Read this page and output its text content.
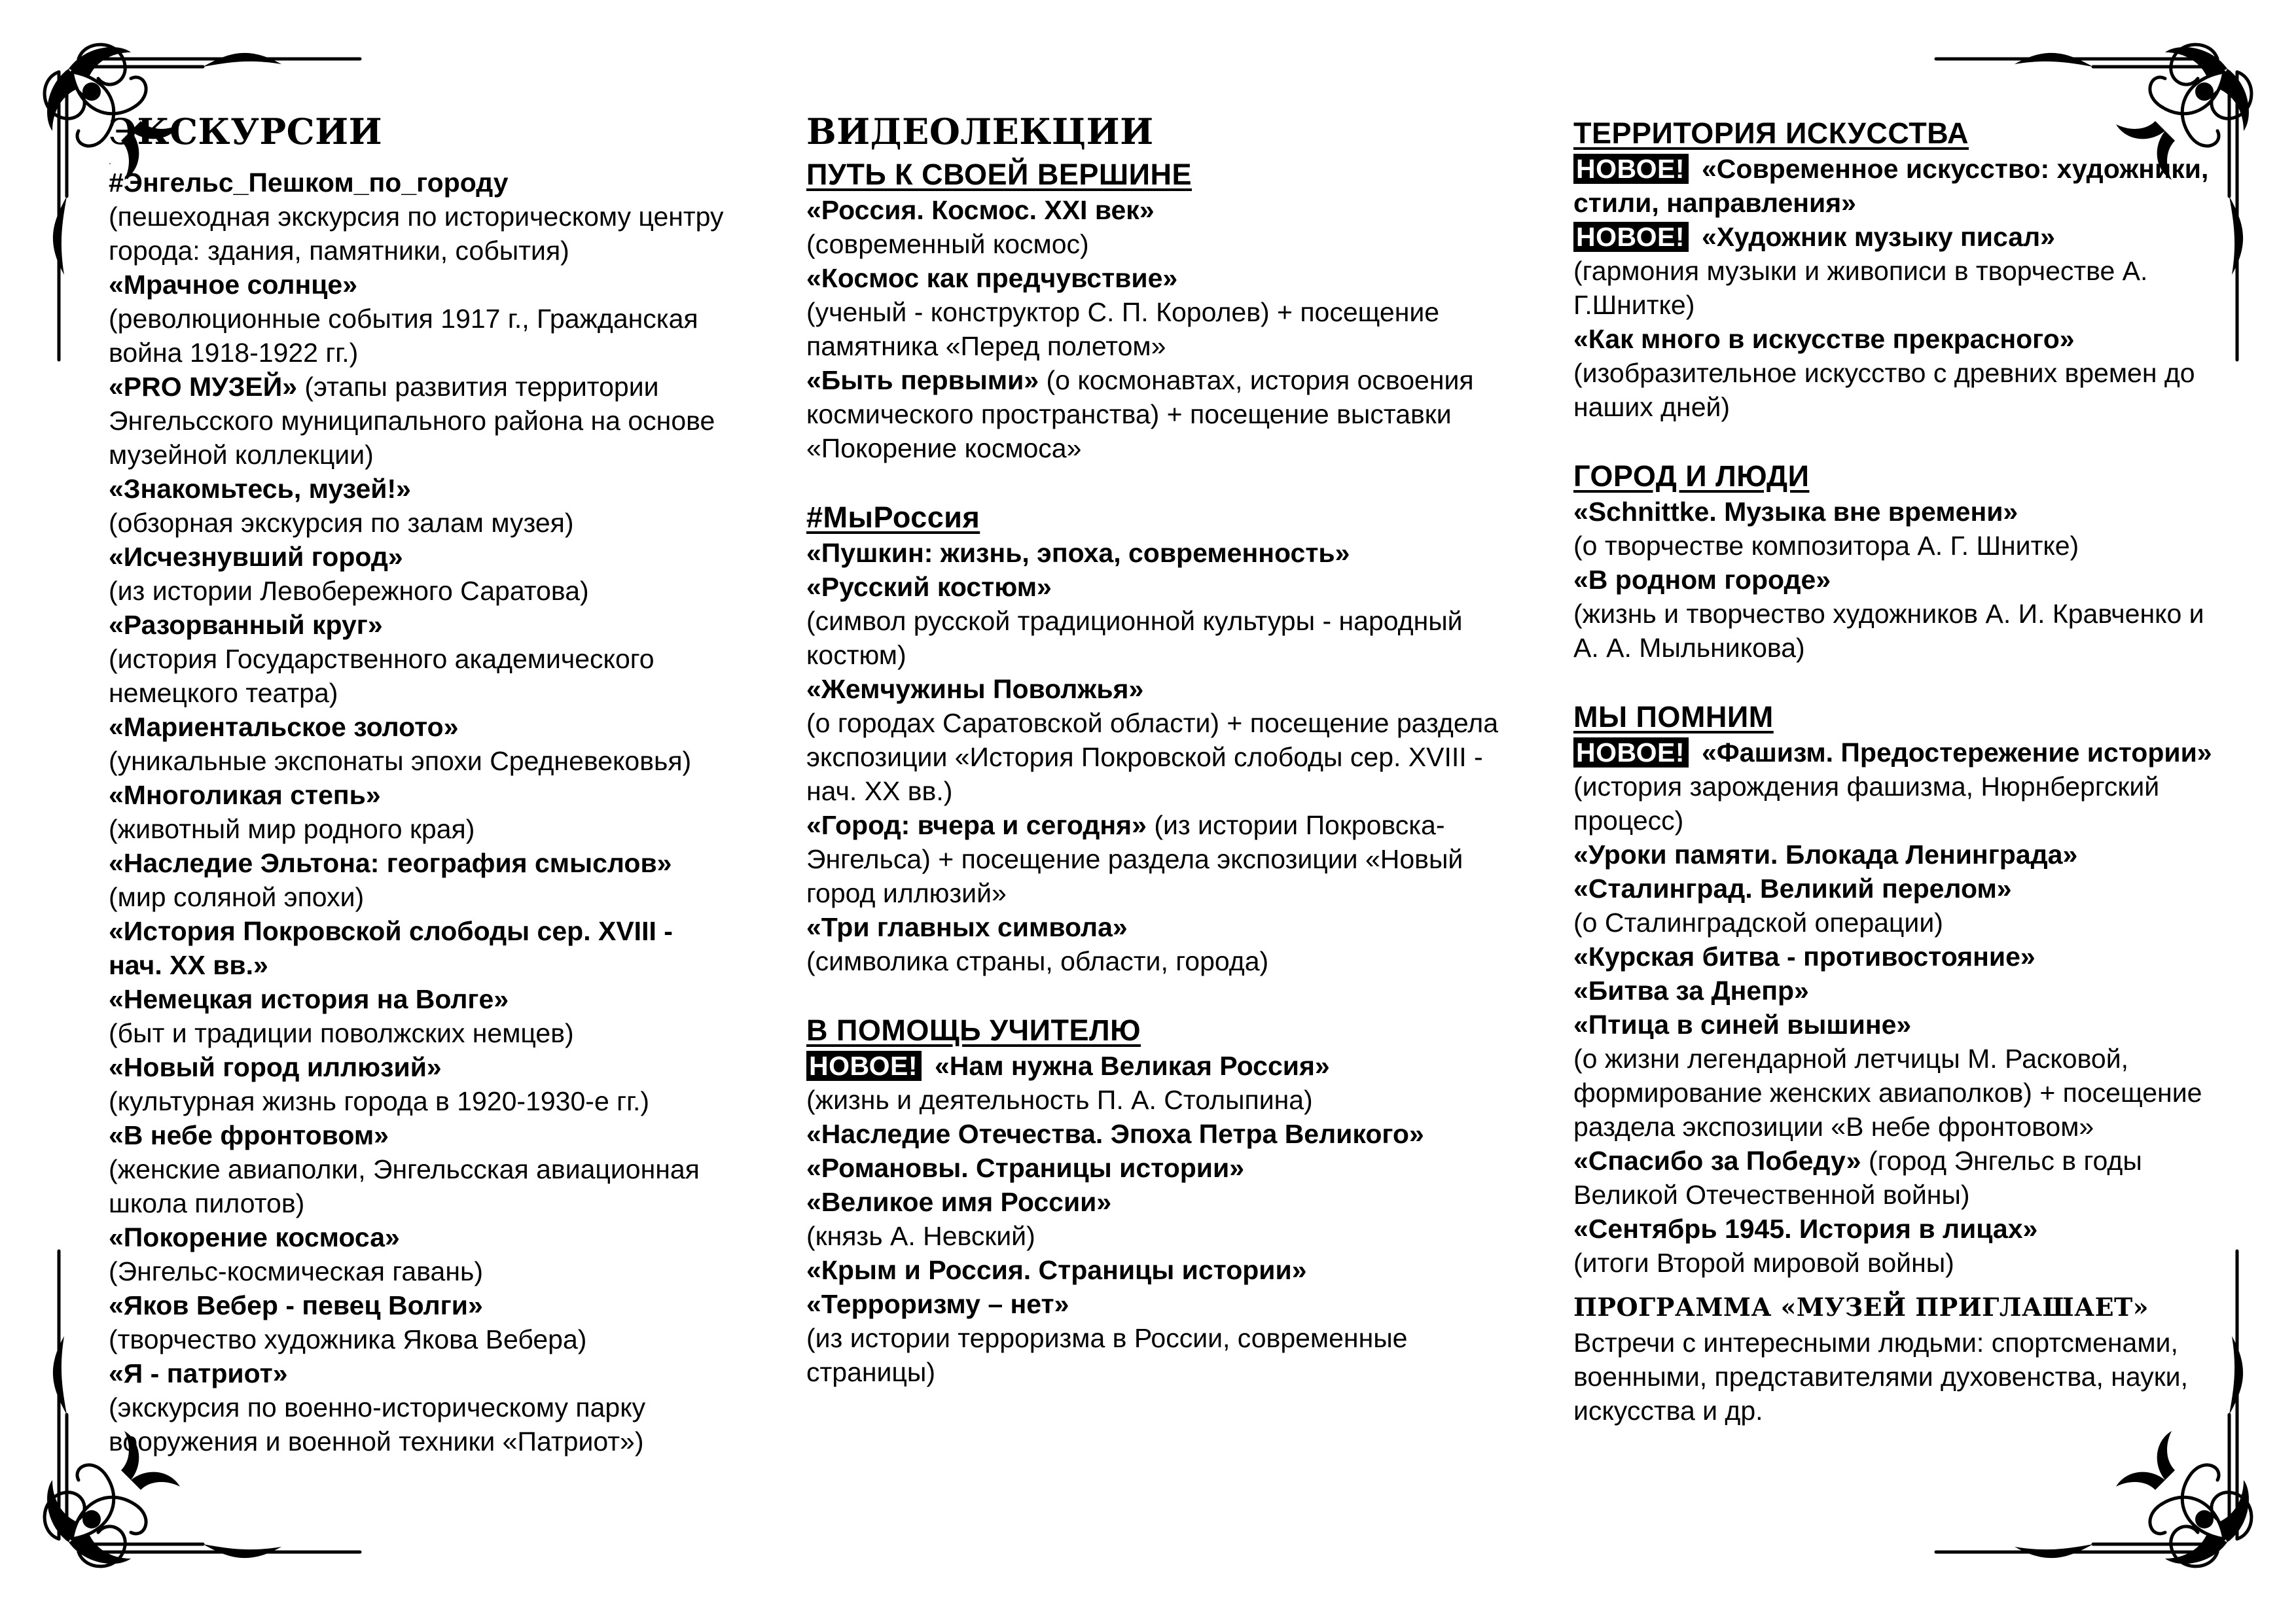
ЭКСКУРСИИ
.
#Энгельс_Пешком_по_городу
(пешеходная экскурсия по историческому центру города: здания, памятники, события)
«Мрачное солнце»
(революционные события 1917 г., Гражданская война 1918-1922 гг.)
«PRO МУЗЕЙ» (этапы развития территории Энгельсского муниципального района на основе музейной коллекции)
«Знакомьтесь, музей!»
(обзорная экскурсия по залам музея)
«Исчезнувший город»
(из истории Левобережного Саратова)
«Разорванный круг»
(история Государственного академического немецкого театра)
«Мариентальское золото»
(уникальные экспонаты эпохи Средневековья)
«Многоликая степь»
(животный мир родного края)
«Наследие Эльтона: география смыслов» (мир соляной эпохи)
«История Покровской слободы сер. XVIII - нач. XX вв.»
«Немецкая история на Волге»
(быт и традиции поволжских немцев)
«Новый город иллюзий»
(культурная жизнь города в 1920-1930-е гг.)
«В небе фронтовом»
(женские авиаполки, Энгельсская авиационная школа пилотов)
«Покорение космоса»
(Энгельс-космическая гавань)
«Яков Вебер - певец Волги»
(творчество художника Якова Вебера)
«Я - патриот»
(экскурсия по военно-историческому парку вооружения и военной техники «Патриот»)
ВИДЕОЛЕКЦИИ
ПУТЬ К СВОЕЙ ВЕРШИНЕ
«Россия. Космос. XXI век»
(современный космос)
«Космос как предчувствие»
(ученый - конструктор С. П. Королев) + посещение памятника «Перед полетом»
«Быть первыми» (о космонавтах, история освоения космического пространства) + посещение выставки «Покорение космоса»
#МыРоссия
«Пушкин: жизнь, эпоха, современность»
«Русский костюм»
(символ русской традиционной культуры - народный костюм)
«Жемчужины Поволжья»
(о городах Саратовской области) + посещение раздела экспозиции «История Покровской слободы сер. XVIII - нач. XX вв.)
«Город: вчера и сегодня» (из истории Покровска-Энгельса) + посещение раздела экспозиции «Новый город иллюзий»
«Три главных символа»
(символика страны, области, города)
В ПОМОЩЬ УЧИТЕЛЮ
НОВОЕ! «Нам нужна Великая Россия»
(жизнь и деятельность П. А. Столыпина)
«Наследие Отечества. Эпоха Петра Великого»
«Романовы. Страницы истории»
«Великое имя России»
(князь А. Невский)
«Крым и Россия. Страницы истории»
«Терроризму – нет»
(из истории терроризма в России, современные страницы)
ТЕРРИТОРИЯ ИСКУССТВА
НОВОЕ! «Современное искусство: художники, стили, направления»
НОВОЕ! «Художник музыку писал»
(гармония музыки и живописи в творчестве А. Г.Шнитке)
«Как много в искусстве прекрасного»
(изобразительное искусство с древних времен до наших дней)
ГОРОД И ЛЮДИ
«Schnittke. Музыка вне времени»
(о творчестве композитора А. Г. Шнитке)
«В родном городе»
(жизнь и творчество художников А. И. Кравченко и А. А. Мыльникова)
МЫ ПОМНИМ
НОВОЕ! «Фашизм. Предостережение истории» (история зарождения фашизма, Нюрнбергский процесс)
«Уроки памяти. Блокада Ленинграда»
«Сталинград. Великий перелом»
(о Сталинградской операции)
«Курская битва - противостояние»
«Битва за Днепр»
«Птица в синей вышине»
(о жизни легендарной летчицы М. Расковой, формирование женских авиаполков) + посещение раздела экспозиции «В небе фронтовом»
«Спасибо за Победу» (город Энгельс в годы Великой Отечественной войны)
«Сентябрь 1945. История в лицах»
(итоги Второй мировой войны)
ПРОГРАММА «МУЗЕЙ ПРИГЛАШАЕТ»
Встречи с интересными людьми: спортсменами, военными, представителями духовенства, науки, искусства и др.
